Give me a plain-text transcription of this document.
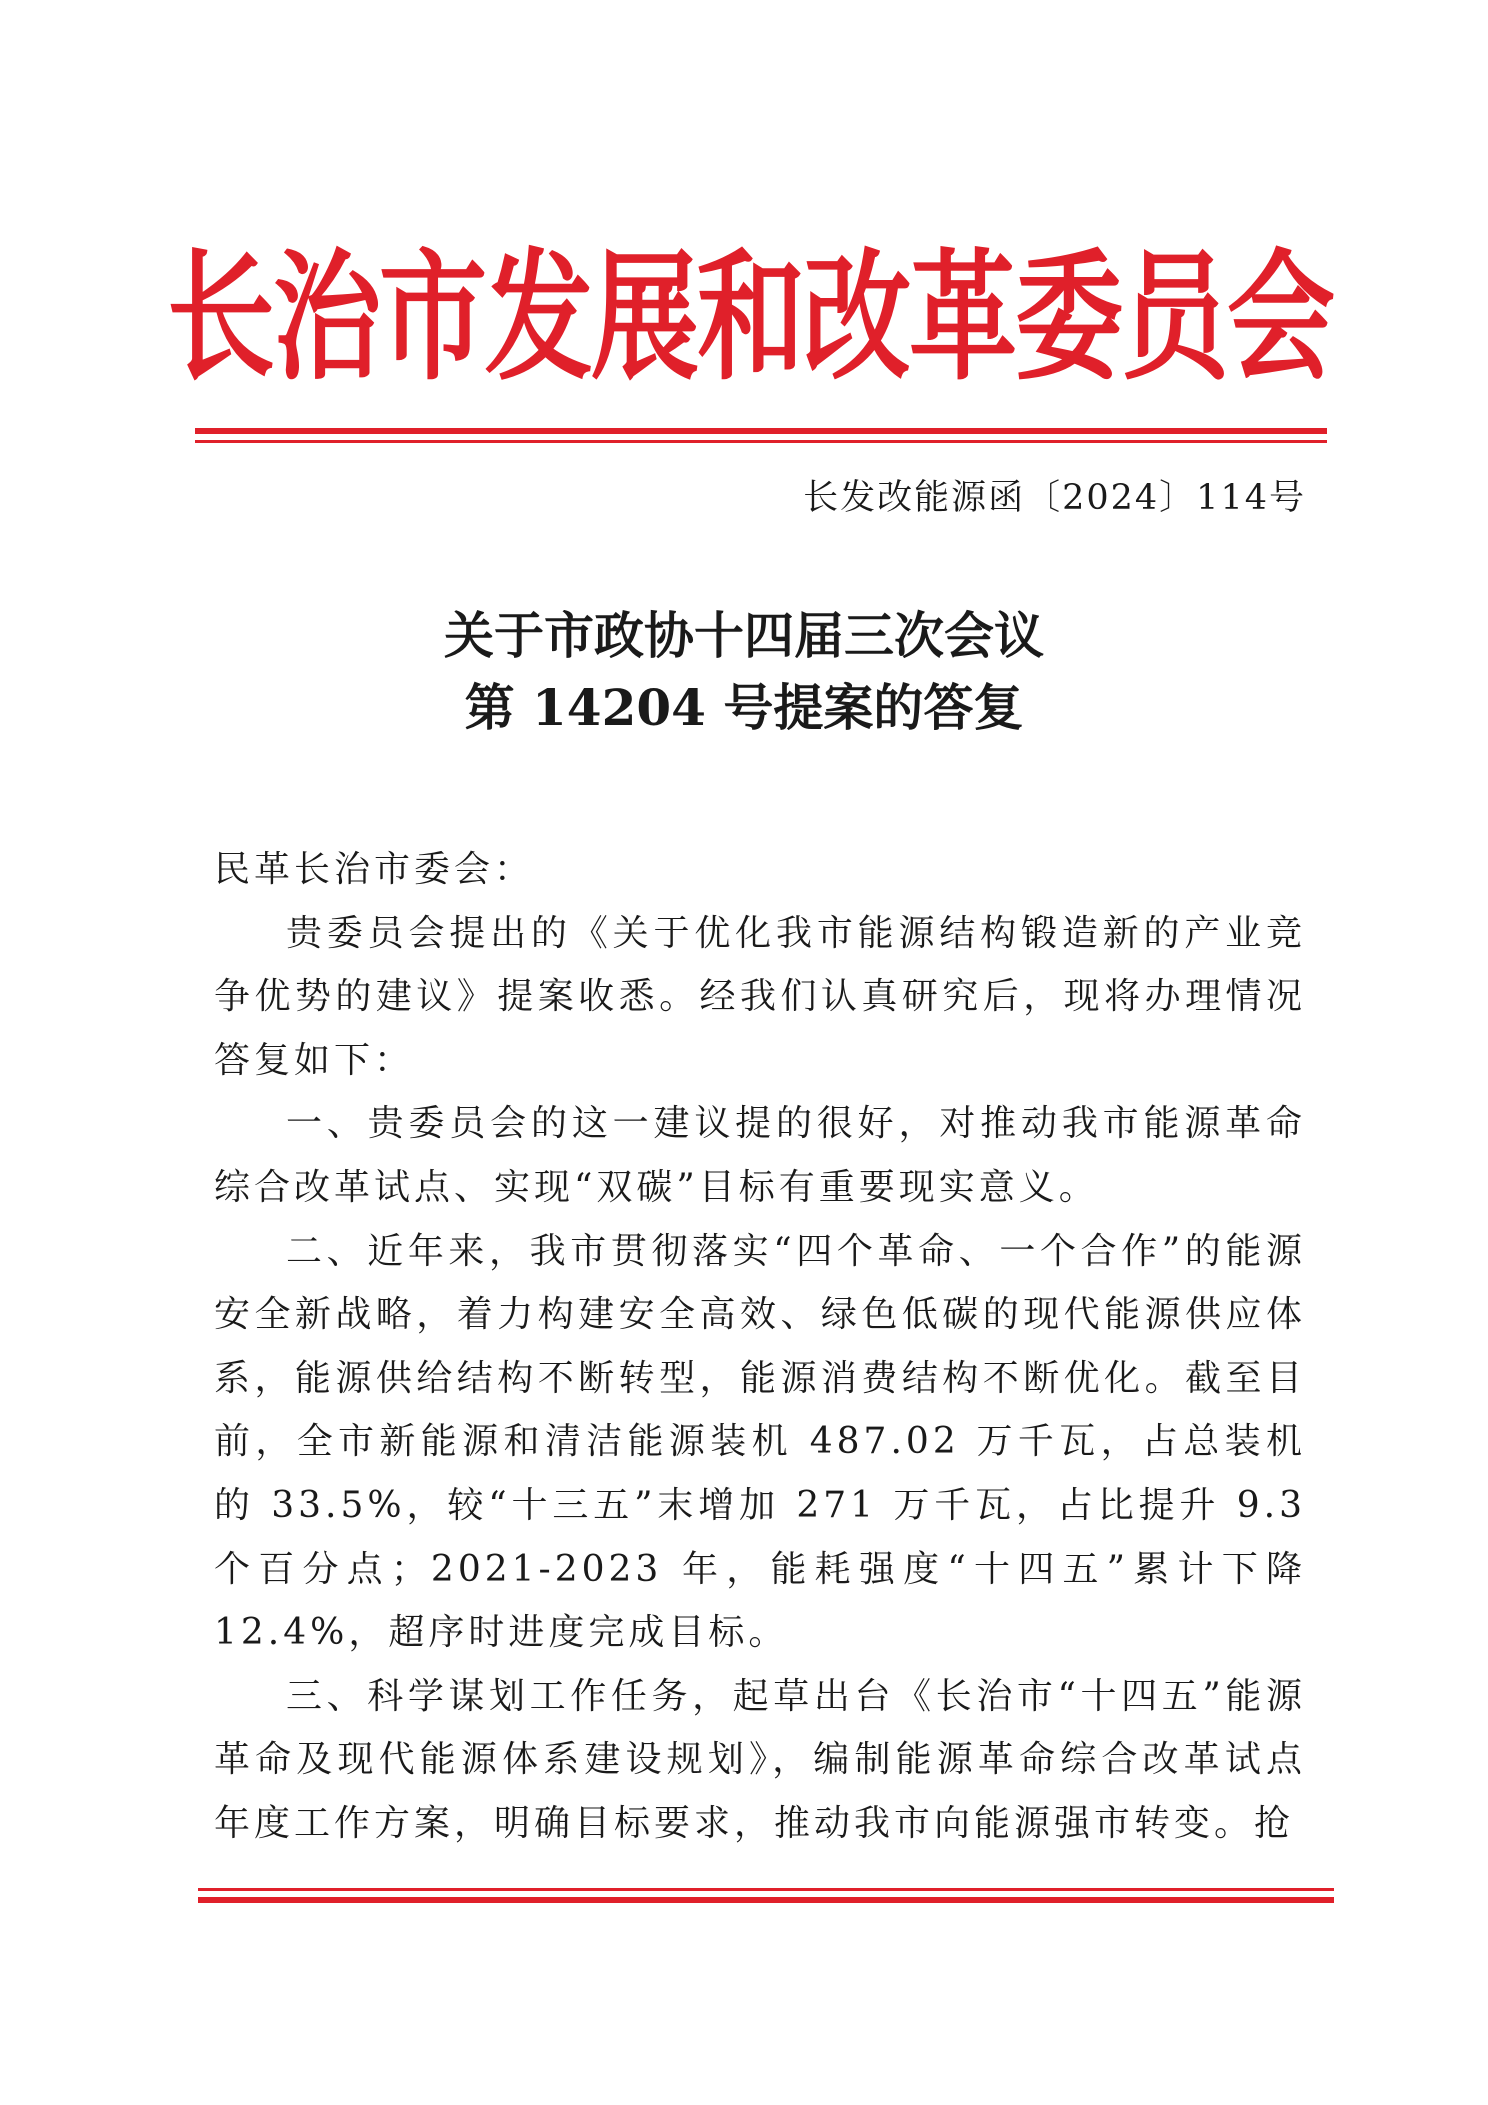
长治市发展和改革委员会
长发改能源函〔2024〕114号
关于市政协十四届三次会议
第 14204 号提案的答复

民革长治市委会：

贵委员会提出的《关于优化我市能源结构锻造新的产业竞争优势的建议》提案收悉。经我们认真研究后，现将办理情况答复如下：

一、贵委员会的这一建议提的很好，对推动我市能源革命综合改革试点、实现“双碳”目标有重要现实意义。

二、近年来，我市贯彻落实“四个革命、一个合作”的能源安全新战略，着力构建安全高效、绿色低碳的现代能源供应体系，能源供给结构不断转型，能源消费结构不断优化。截至目前，全市新能源和清洁能源装机 487.02 万千瓦，占总装机的 33.5%，较“十三五”末增加 271 万千瓦，占比提升 9.3 个百分点；2021-2023 年，能耗强度“十四五”累计下降 12.4%，超序时进度完成目标。

三、科学谋划工作任务，起草出台《长治市“十四五”能源革命及现代能源体系建设规划》，编制能源革命综合改革试点年度工作方案，明确目标要求，推动我市向能源强市转变。抢
